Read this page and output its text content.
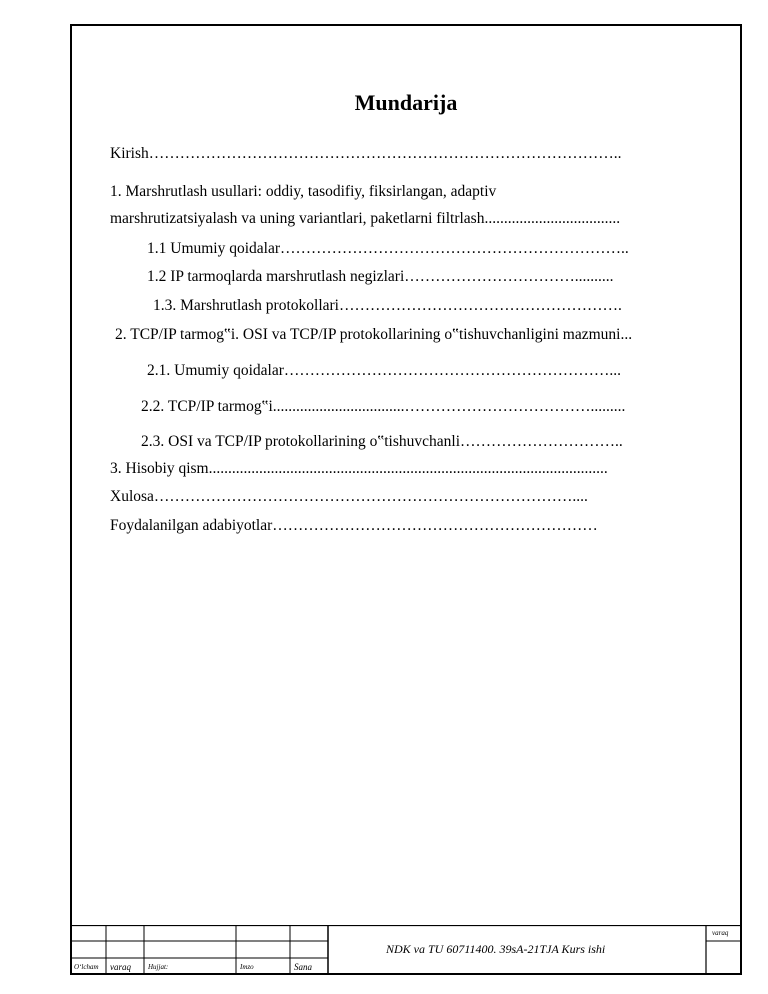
Mundarija
Kirish………………………………………………………………………………..
1. Marshrutlash usullari: oddiy, tasodifiy, fiksirlangan, adaptiv
marshrutizatsiyalash va uning variantlari, paketlarni filtrlash...................................
1.1 Umumiy qoidalar…………………………………………………………..
1.2 IP tarmoqlarda marshrutlash negizlari……………………………..........
1.3. Marshrutlash protokollari……………………………………………….
2. TCP/IP tarmog‟i. OSI va TCP/IP protokollarining o‟tishuvchanligini mazmuni...
2.1. Umumiy qoidalar………………………………………………………...
2.2. TCP/IP tarmog‟i..................................……………………………….........
2.3. OSI va TCP/IP protokollarining o‟tishuvchanli…………………………..
3. Hisobiy qism.......................................................................................................
Xulosa………………………………………………………………………....
Foydalanilgan adabiyotlar………………………………………………………
O‘lcham varaq Hujjat:	Imzo	Sana
NDK va TU 60711400. 39sA-21TJA Kurs ishi
varaq
